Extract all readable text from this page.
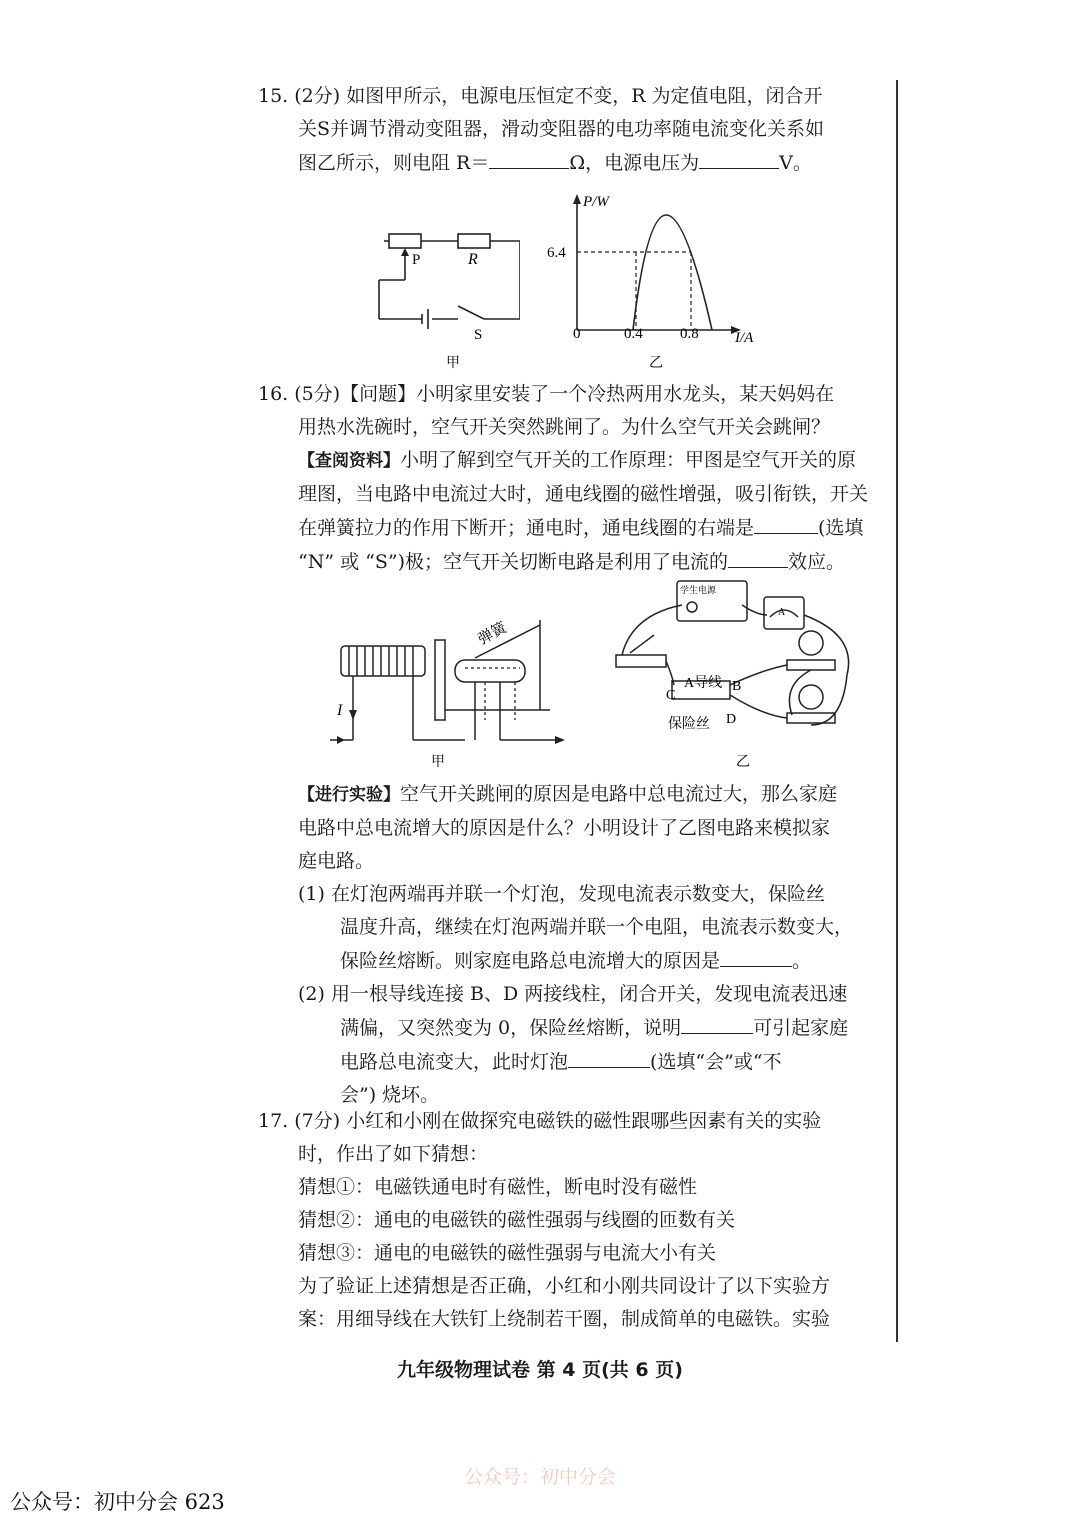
15. (2分) 如图甲所示，电源电压恒定不变，R 为定值电阻，闭合开

关S并调节滑动变阻器，滑动变阻器的电功率随电流变化关系如

图乙所示，则电阻 R＝	Ω，电源电压为	V。

P	R
S
甲
P/W
6.4
0	0.4 0.8 I/A
乙

16. (5分)【问题】小明家里安装了一个冷热两用水龙头，某天妈妈在

用热水洗碗时，空气开关突然跳闸了。为什么空气开关会跳闸？

【查阅资料】小明了解到空气开关的工作原理：甲图是空气开关的原

理图，当电路中电流过大时，通电线圈的磁性增强，吸引衔铁，开关

在弹簧拉力的作用下断开；通电时，通电线圈的右端是	(选填

“N” 或 “S”)极；空气开关切断电路是利用了电流的	效应。

弹簧
I
甲
学生电源
A
A导线 B
C
D
保险丝
乙

【进行实验】空气开关跳闸的原因是电路中总电流过大，那么家庭

电路中总电流增大的原因是什么？小明设计了乙图电路来模拟家

庭电路。

(1) 在灯泡两端再并联一个灯泡，发现电流表示数变大，保险丝

温度升高，继续在灯泡两端并联一个电阻，电流表示数变大，

保险丝熔断。则家庭电路总电流增大的原因是	。

(2) 用一根导线连接 B、D 两接线柱，闭合开关，发现电流表迅速

满偏，又突然变为 0，保险丝熔断，说明	可引起家庭

电路总电流变大，此时灯泡	(选填“会”或“不

会”) 烧坏。

17. (7分) 小红和小刚在做探究电磁铁的磁性跟哪些因素有关的实验

时，作出了如下猜想：

猜想①：电磁铁通电时有磁性，断电时没有磁性

猜想②：通电的电磁铁的磁性强弱与线圈的匝数有关

猜想③：通电的电磁铁的磁性强弱与电流大小有关

为了验证上述猜想是否正确，小红和小刚共同设计了以下实验方

案：用细导线在大铁钉上绕制若干圈，制成简单的电磁铁。实验

九年级物理试卷 第 4 页(共 6 页)
公众号：初中分会
公众号：初中分会 623
